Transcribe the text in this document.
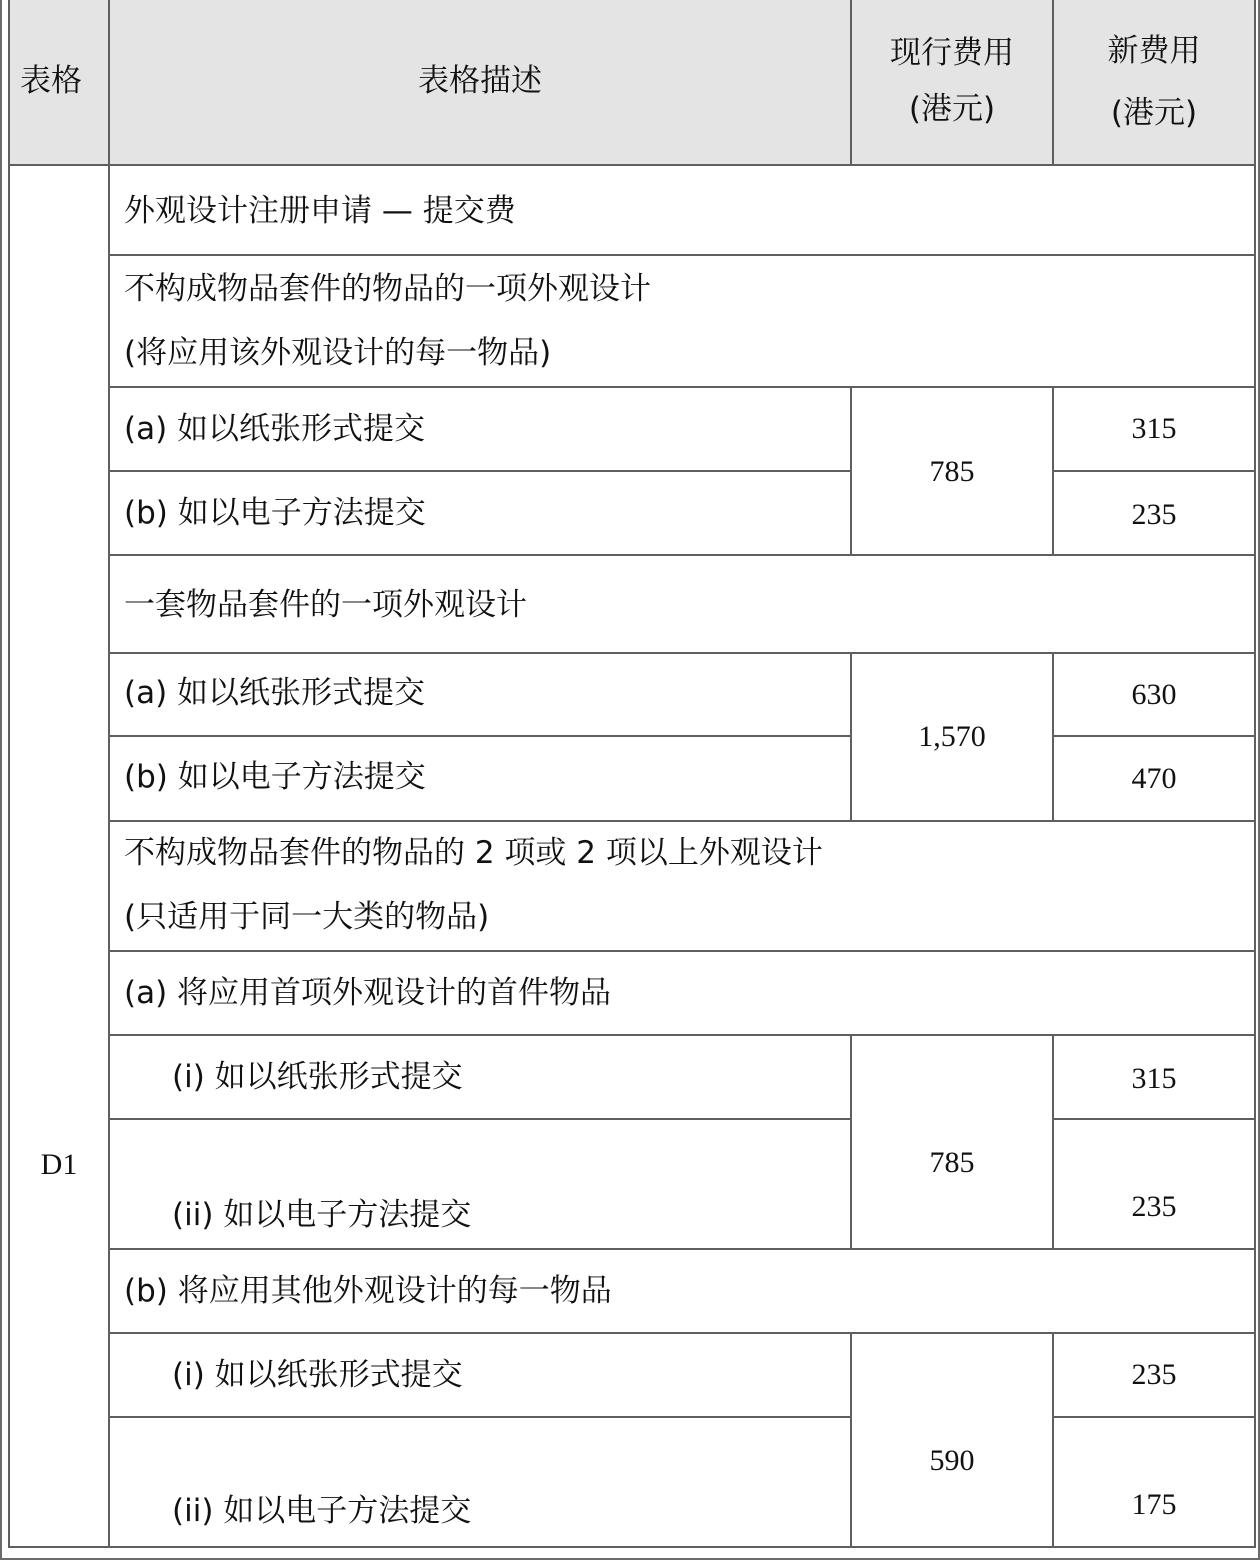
表格	表格描述
现行费用
(港元)
新费用
(港元)
D1
外观设计注册申请 — 提交费
不构成物品套件的物品的一项外观设计
(将应用该外观设计的每一物品)
(a) 如以纸张形式提交
(b) 如以电子方法提交
785
315
235
一套物品套件的一项外观设计
(a) 如以纸张形式提交
(b) 如以电子方法提交
1,570
630
470
不构成物品套件的物品的 2 项或 2 项以上外观设计
(只适用于同一大类的物品)
(a) 将应用首项外观设计的首件物品
(i) 如以纸张形式提交
(ii) 如以电子方法提交
785
315
235
(b) 将应用其他外观设计的每一物品
(i) 如以纸张形式提交
(ii) 如以电子方法提交
590
235
175
